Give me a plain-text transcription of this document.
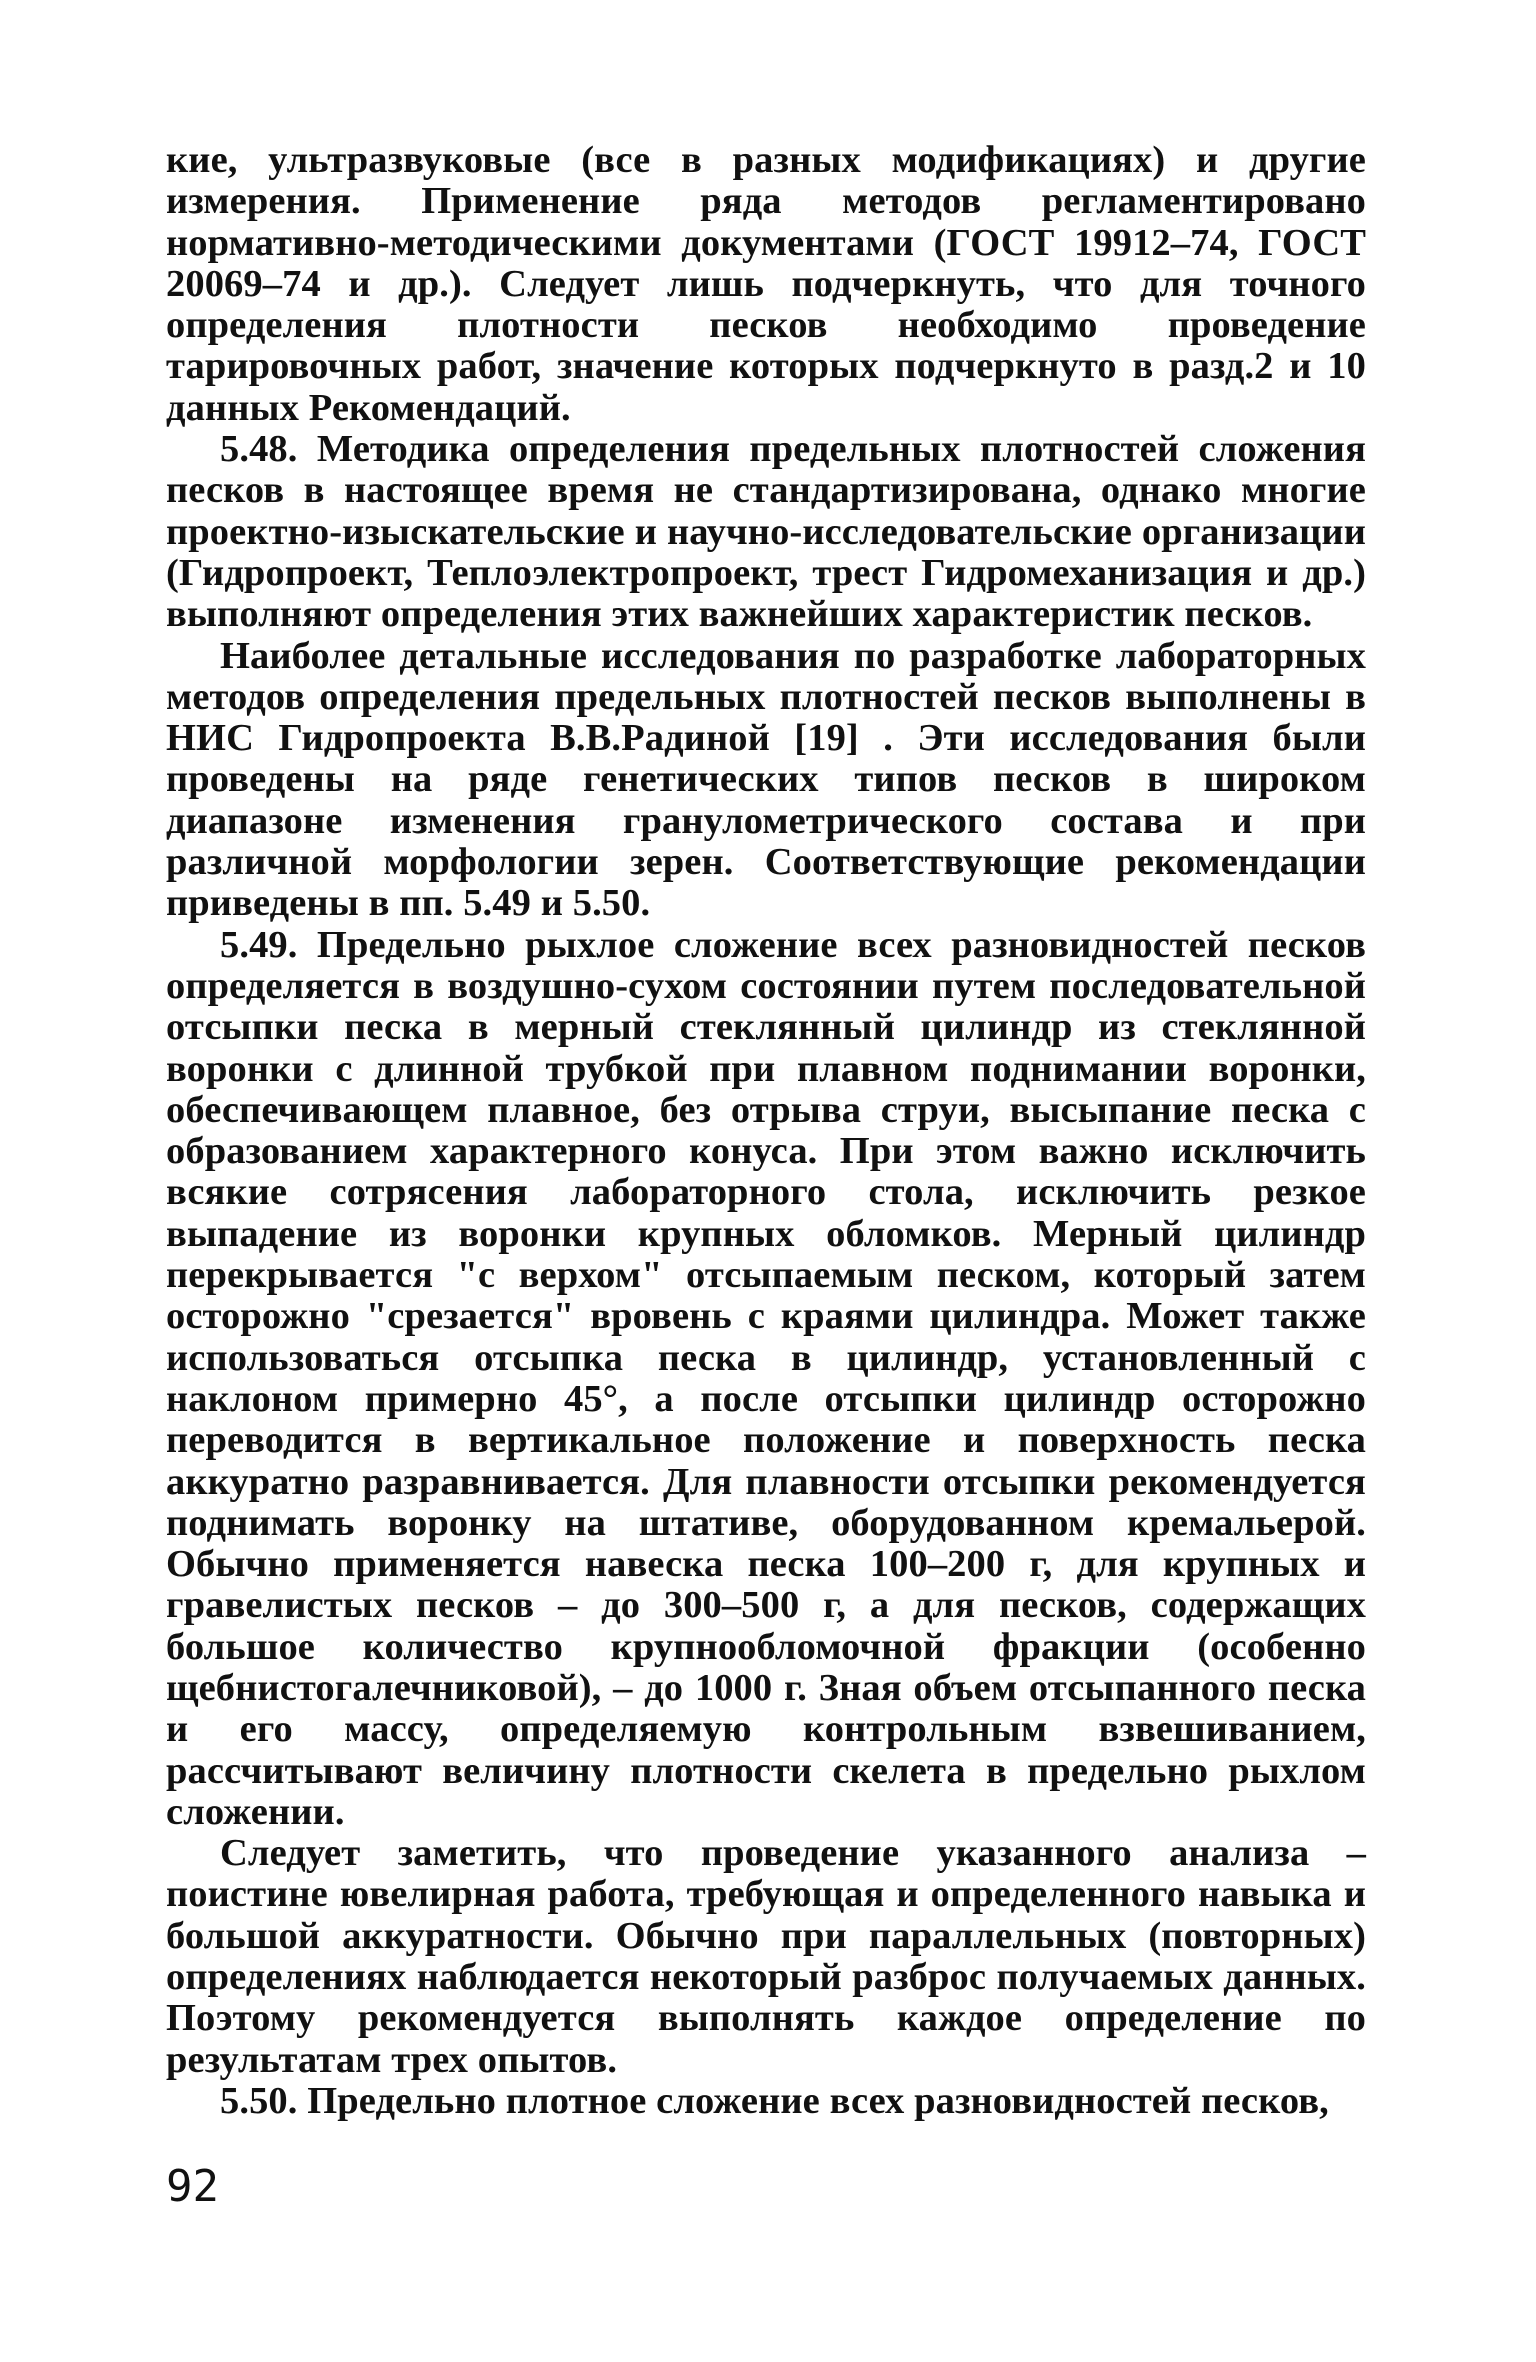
кие, ультразвуковые (все в разных модификациях) и другие измерения. Применение ряда методов регламентировано нормативно-методическими документами (ГОСТ 19912–74, ГОСТ 20069–74 и др.). Следует лишь подчеркнуть, что для точного определения плотности песков необходимо проведение тарировочных работ, значение которых подчеркнуто в разд.2 и 10 данных Рекомендаций.

5.48. Методика определения предельных плотностей сложения песков в настоящее время не стандартизирована, однако многие проектно-изыскательские и научно-исследовательские организации (Гидропроект, Теплоэлектропроект, трест Гидромеханизация и др.) выполняют определения этих важнейших характеристик песков.

Наиболее детальные исследования по разработке лабораторных методов определения предельных плотностей песков выполнены в НИС Гидропроекта В.В.Радиной [19] . Эти исследования были проведены на ряде генетических типов песков в широком диапазоне изменения гранулометрического состава и при различной морфологии зерен. Соответствующие рекомендации приведены в пп. 5.49 и 5.50.

5.49. Предельно рыхлое сложение всех разновидностей песков определяется в воздушно-сухом состоянии путем последовательной отсыпки песка в мерный стеклянный цилиндр из стеклянной воронки с длинной трубкой при плавном поднимании воронки, обеспечивающем плавное, без отрыва струи, высыпание песка с образованием характерного конуса. При этом важно исключить всякие сотрясения лабораторного стола, исключить резкое выпадение из воронки крупных обломков. Мерный цилиндр перекрывается "с верхом" отсыпаемым песком, который затем осторожно "срезается" вровень с краями цилиндра. Может также использоваться отсыпка песка в цилиндр, установленный с наклоном примерно 45°, а после отсыпки цилиндр осторожно переводится в вертикальное положение и поверхность песка аккуратно разравнивается. Для плавности отсыпки рекомендуется поднимать воронку на штативе, оборудованном кремальерой. Обычно применяется навеска песка 100–200 г, для крупных и гравелистых песков – до 300–500 г, а для песков, содержащих большое количество крупнообломочной фракции (особенно щебнистогалечниковой), – до 1000 г. Зная объем отсыпанного песка и его массу, определяемую контрольным взвешиванием, рассчитывают величину плотности скелета в предельно рыхлом сложении.

Следует заметить, что проведение указанного анализа – поистине ювелирная работа, требующая и определенного навыка и большой аккуратности. Обычно при параллельных (повторных) определениях наблюдается некоторый разброс получаемых данных. Поэтому рекомендуется выполнять каждое определение по результатам трех опытов.

5.50. Предельно плотное сложение всех разновидностей песков,

92
